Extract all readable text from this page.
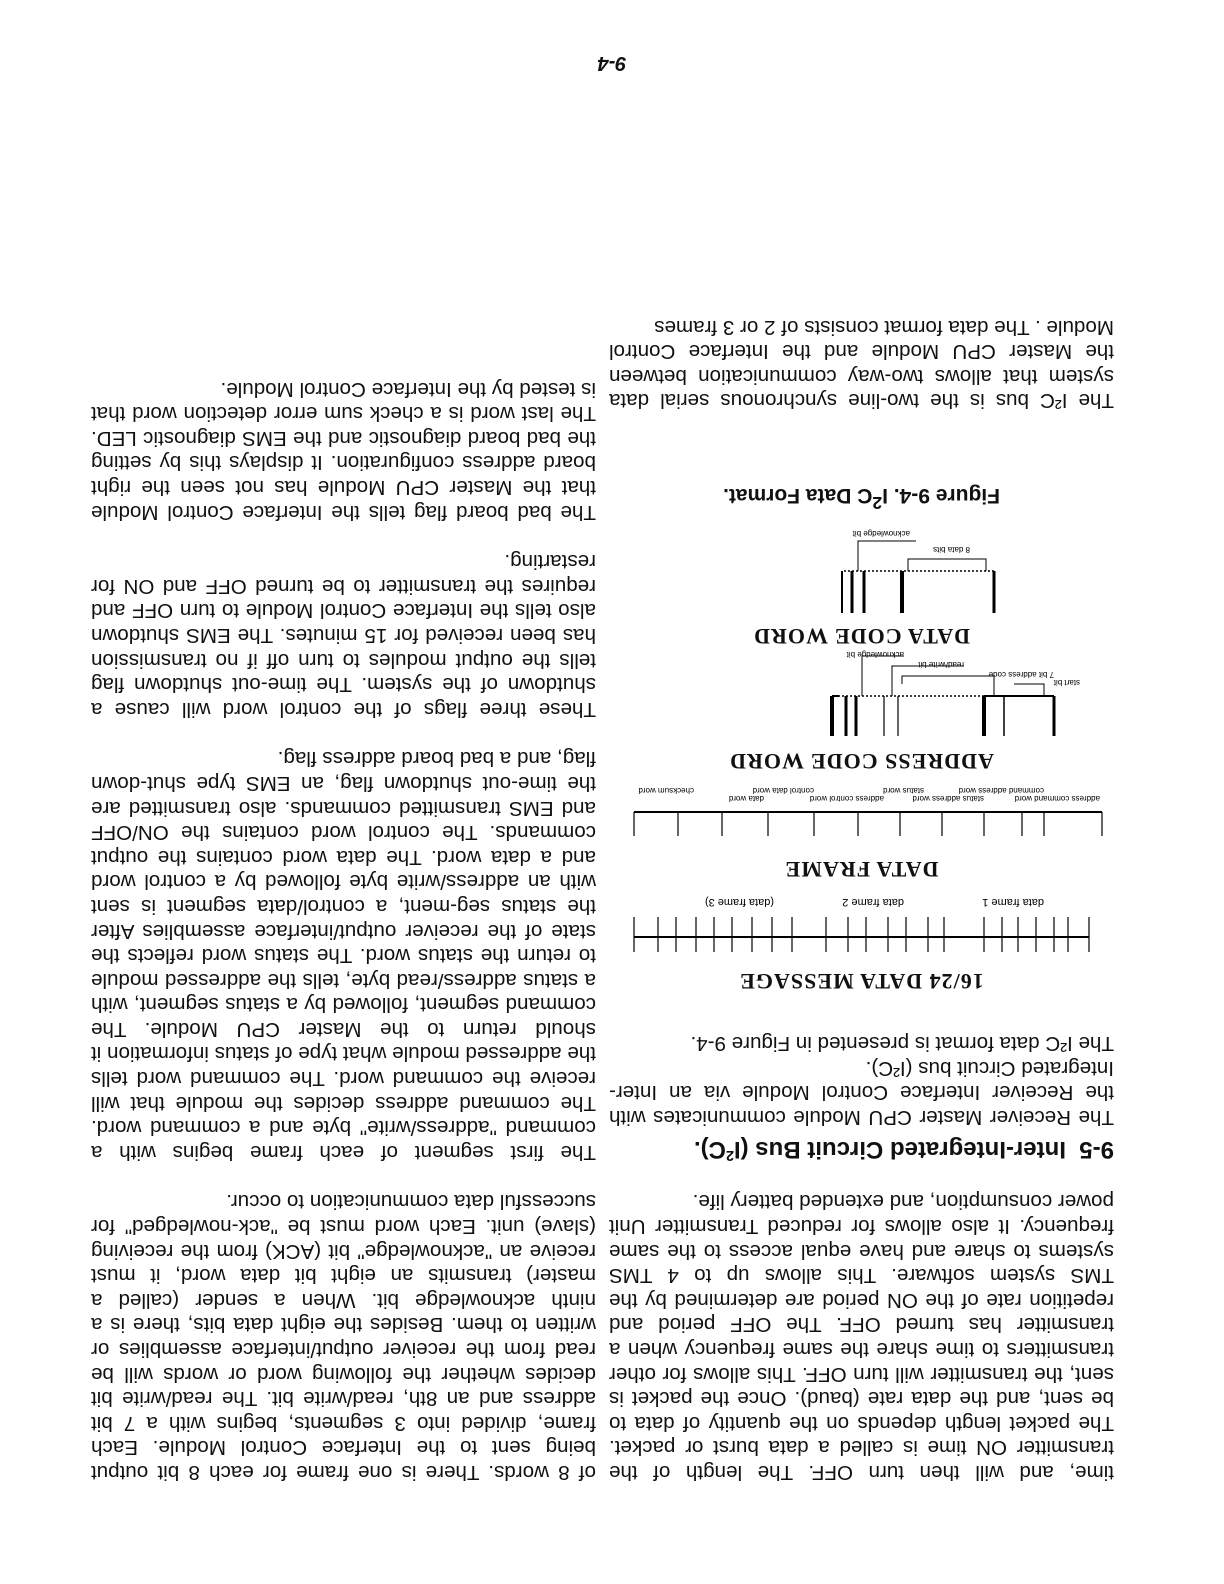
time, and will then turn OFF. The length of the transmitter ON time is called a data burst or packet. The packet length depends on the quantity of data to be sent, and the data rate (baud). Once the packet is sent, the transmitter will turn OFF. This allows for other transmitters to time share the same frequency when a transmitter has turned OFF. The OFF period and repetition rate of the ON period are determined by the TMS system software. This allows up to 4 TMS systems to share and have equal access to the same frequency. It also allows for reduced Transmitter Unit power consumption, and extended battery life.

9-5  Inter-Integrated Circuit Bus $(I^2C)$.

The Receiver Master CPU Module communicates with the Receiver Interface Control Module via an Inter-Integrated Circuit bus (I²C).

The I²C data format is presented in Figure 9-4.

16/24 DATA MESSAGE

data frame 1
data frame 2
(data frame 3)

DATA FRAME

address command word
command address word
status address word
status word
address control word
control data word
data word
checksum word

ADDRESS CODE WORD

start bit
7 bit address code
read/write bit
acknowledge bit

DATA CODE WORD

8 data bits
acknowledge bit

Figure 9-4. $I^2C$ Data Format.

The I²C bus is the two-line synchronous serial data system that allows two-way communication between the Master CPU Module and the Interface Control Module . The data format consists of 2 or 3 frames

of 8 words. There is one frame for each 8 bit output being sent to the Interface Control Module. Each frame, divided into 3 segments, begins with a 7 bit address and an 8th, read/write bit. The read/write bit decides whether the following word or words will be read from the receiver output/interface assemblies or written to them. Besides the eight data bits, there is a ninth acknowledge bit. When a sender (called a master) transmits an eight bit data word, it must receive an "acknowledge" bit (ACK) from the receiving (slave) unit. Each word must be "ack-nowledged" for successful data communication to occur.

The first segment of each frame begins with a command "address/write" byte and a command word. The command address decides the module that will receive the command word. The command word tells the addressed module what type of status information it should return to the Master CPU Module. The command segment, followed by a status segment, with a status address/read byte, tells the addressed module to return the status word. The status word reflects the state of the receiver output/interface assemblies After the status seg-ment, a control/data segment is sent with an address/write byte followed by a control word and a data word. The data word contains the output commands. The control word contains the ON/OFF and EMS transmitted commands. also transmitted are the time-out shutdown flag, an EMS type shut-down flag, and a bad board address flag.

These three flags of the control word will cause a shutdown of the system. The time-out shutdown flag tells the output modules to turn off if no transmission has been received for 15 minutes. The EMS shutdown also tells the Interface Control Module to turn OFF and requires the transmitter to be turned OFF and ON for restarting.

The bad board flag tells the Interface Control Module that the Master CPU Module has not seen the right board address configuration. It displays this by setting the bad board diagnostic and the EMS diagnostic LED. The last word is a check sum error detection word that is tested by the Interface Control Module.

9-4
